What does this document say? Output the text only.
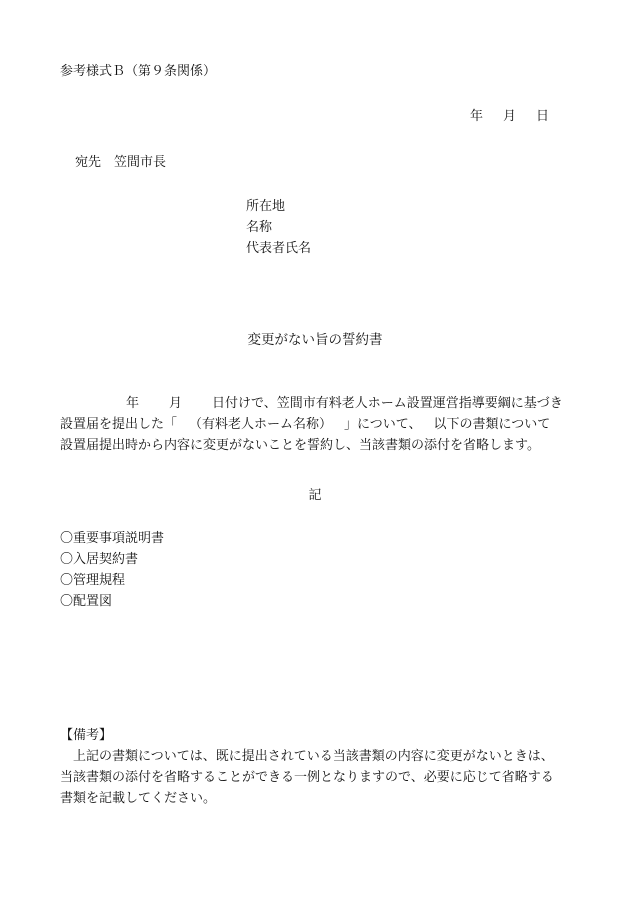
参考様式Ｂ（第９条関係）
年 月 日
宛先 笠間市長
所在地
名称
代表者氏名
変更がない旨の誓約書
年 月 日付けで、笠間市有料老人ホーム設置運営指導要綱に基づき
設置届を提出した「 （有料老人ホーム名称） 」について、 以下の書類について
設置届提出時から内容に変更がないことを誓約し、当該書類の添付を省略します。
記
〇重要事項説明書
〇入居契約書
〇管理規程
〇配置図
【備考】
上記の書類については、既に提出されている当該書類の内容に変更がないときは、
当該書類の添付を省略することができる一例となりますので、必要に応じて省略する
書類を記載してください。
